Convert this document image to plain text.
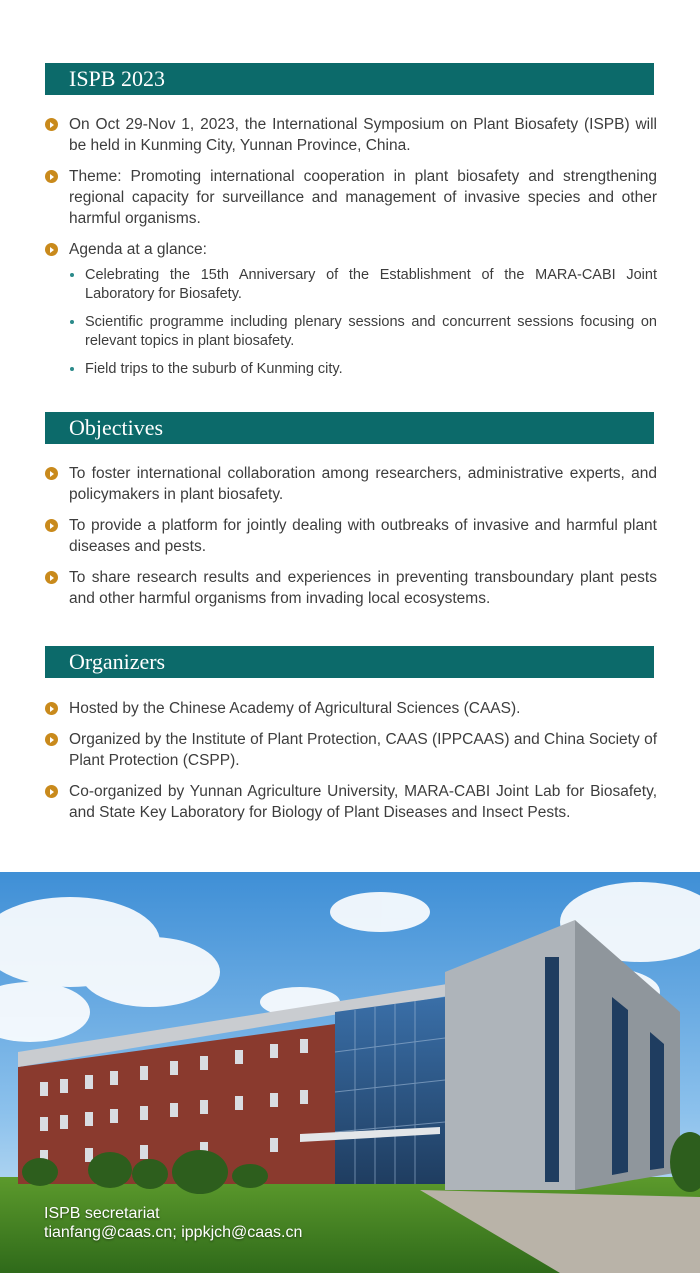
ISPB 2023
On Oct 29-Nov 1, 2023, the International Symposium on Plant Biosafety (ISPB) will be held in Kunming City, Yunnan Province, China.
Theme: Promoting international cooperation in plant biosafety and strengthening regional capacity for surveillance and management of invasive species and other harmful organisms.
Agenda at a glance:
Celebrating the 15th Anniversary of the Establishment of the MARA-CABI Joint Laboratory for Biosafety.
Scientific programme including plenary sessions and concurrent sessions focusing on relevant topics in plant biosafety.
Field trips to the suburb of Kunming city.
Objectives
To foster international collaboration among researchers, administrative experts, and policymakers in plant biosafety.
To provide a platform for jointly dealing with outbreaks of invasive and harmful plant diseases and pests.
To share research results and experiences in preventing transboundary plant pests and other harmful organisms from invading local ecosystems.
Organizers
Hosted by the Chinese Academy of Agricultural Sciences (CAAS).
Organized by the Institute of Plant Protection, CAAS (IPPCAAS) and China Society of Plant Protection (CSPP).
Co-organized by Yunnan Agriculture University, MARA-CABI Joint Lab for Biosafety, and State Key Laboratory for Biology of Plant Diseases and Insect Pests.
ISPB secretariat
tianfang@caas.cn; ippkjch@caas.cn
